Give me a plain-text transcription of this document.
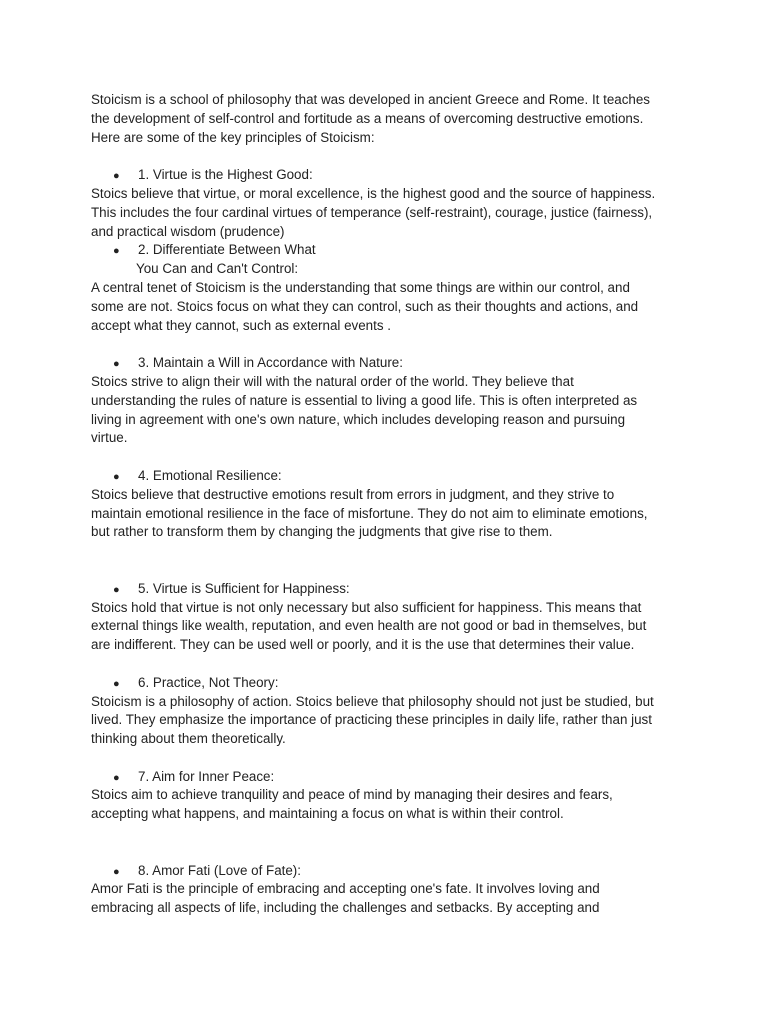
Stoicism is a school of philosophy that was developed in ancient Greece and Rome. It teaches
the development of self-control and fortitude as a means of overcoming destructive emotions.
Here are some of the key principles of Stoicism:
● 1. Virtue is the Highest Good:
Stoics believe that virtue, or moral excellence, is the highest good and the source of happiness.
This includes the four cardinal virtues of temperance (self-restraint), courage, justice (fairness),
and practical wisdom (prudence)
● 2. Differentiate Between What
You Can and Can't Control:
A central tenet of Stoicism is the understanding that some things are within our control, and
some are not. Stoics focus on what they can control, such as their thoughts and actions, and
accept what they cannot, such as external events .
● 3. Maintain a Will in Accordance with Nature:
Stoics strive to align their will with the natural order of the world. They believe that
understanding the rules of nature is essential to living a good life. This is often interpreted as
living in agreement with one's own nature, which includes developing reason and pursuing
virtue.
● 4. Emotional Resilience:
Stoics believe that destructive emotions result from errors in judgment, and they strive to
maintain emotional resilience in the face of misfortune. They do not aim to eliminate emotions,
but rather to transform them by changing the judgments that give rise to them.
● 5. Virtue is Sufficient for Happiness:
Stoics hold that virtue is not only necessary but also sufficient for happiness. This means that
external things like wealth, reputation, and even health are not good or bad in themselves, but
are indifferent. They can be used well or poorly, and it is the use that determines their value.
● 6. Practice, Not Theory:
Stoicism is a philosophy of action. Stoics believe that philosophy should not just be studied, but
lived. They emphasize the importance of practicing these principles in daily life, rather than just
thinking about them theoretically.
● 7. Aim for Inner Peace:
Stoics aim to achieve tranquility and peace of mind by managing their desires and fears,
accepting what happens, and maintaining a focus on what is within their control.
● 8. Amor Fati (Love of Fate):
Amor Fati is the principle of embracing and accepting one's fate. It involves loving and
embracing all aspects of life, including the challenges and setbacks. By accepting and
